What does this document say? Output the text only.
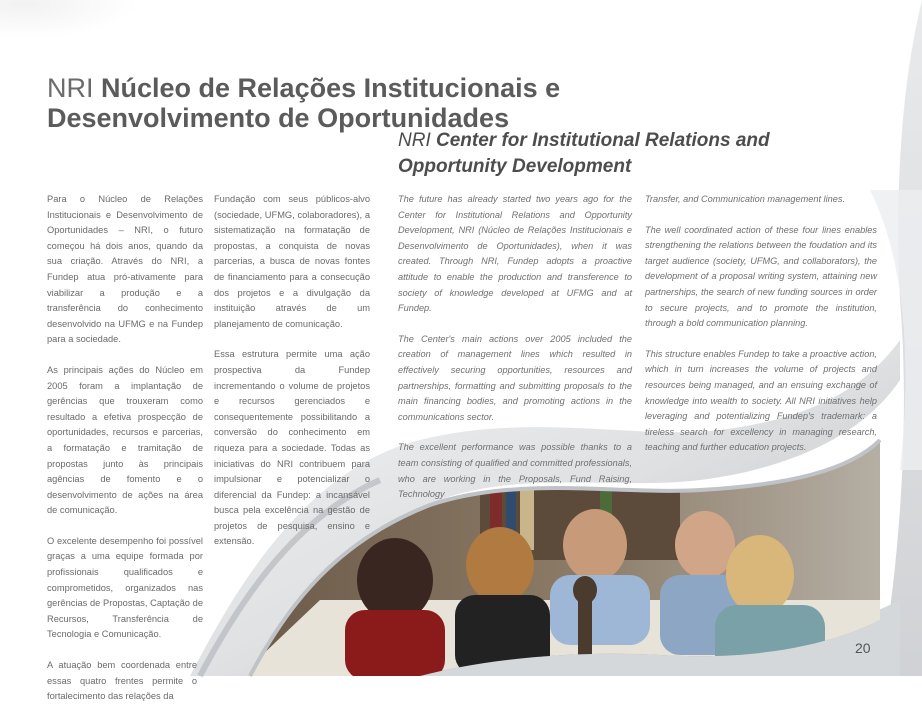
NRI Núcleo de Relações Institucionais e
Desenvolvimento de Oportunidades
NRI Center for Institutional Relations and
Opportunity Development

Para o Núcleo de Relações Institucionais e Desenvolvimento de Oportunidades – NRI, o futuro começou há dois anos, quando da sua criação. Através do NRI, a Fundep atua pró-ativamente para viabilizar a produção e a transferência do conhecimento desenvolvido na UFMG e na Fundep para a sociedade.

As principais ações do Núcleo em 2005 foram a implantação de gerências que trouxeram como resultado a efetiva prospecção de oportunidades, recursos e parcerias, a formatação e tramitação de propostas junto às principais agências de fomento e o desenvolvimento de ações na área de comunicação.

O excelente desempenho foi possível graças a uma equipe formada por profissionais qualificados e comprometidos, organizados nas gerências de Propostas, Captação de Recursos, Transferência de Tecnologia e Comunicação.

A atuação bem coordenada entre essas quatro frentes permite o fortalecimento das relações da

Fundação com seus públicos-alvo (sociedade, UFMG, colaboradores), a sistematização na formatação de propostas, a conquista de novas parcerias, a busca de novas fontes de financiamento para a consecução dos projetos e a divulgação da instituição através de um planejamento de comunicação.

Essa estrutura permite uma ação prospectiva da Fundep incrementando o volume de projetos e recursos gerenciados e consequentemente possibilitando a conversão do conhecimento em riqueza para a sociedade. Todas as iniciativas do NRI contribuem para impulsionar e potencializar o diferencial da Fundep: a incansável busca pela excelência na gestão de projetos de pesquisa, ensino e extensão.

The future has already started two years ago for the Center for Institutional Relations and Opportunity Development, NRI (Núcleo de Relações Institucionais e Desenvolvimento de Oportunidades), when it was created. Through NRI, Fundep adopts a proactive attitude to enable the production and transference to society of knowledge developed at UFMG and at Fundep.

The Center's main actions over 2005 included the creation of management lines which resulted in effectively securing opportunities, resources and partnerships, formatting and submitting proposals to the main financing bodies, and promoting actions in the communications sector.

The excellent performance was possible thanks to a team consisting of qualified and committed professionals, who are working in the Proposals, Fund Raising, Technology

Transfer, and Communication management lines.

The well coordinated action of these four lines enables strengthening the relations between the foudation and its target audience (society, UFMG, and collaborators), the development of a proposal writing system, attaining new partnerships, the search of new funding sources in order to secure projects, and to promote the institution, through a bold communication planning.

This structure enables Fundep to take a proactive action, which in turn increases the volume of projects and resources being managed, and an ensuing exchange of knowledge into wealth to society. All NRI initiatives help leveraging and potentializing Fundep's trademark: a tireless search for excellency in managing research, teaching and further education projects.

20
